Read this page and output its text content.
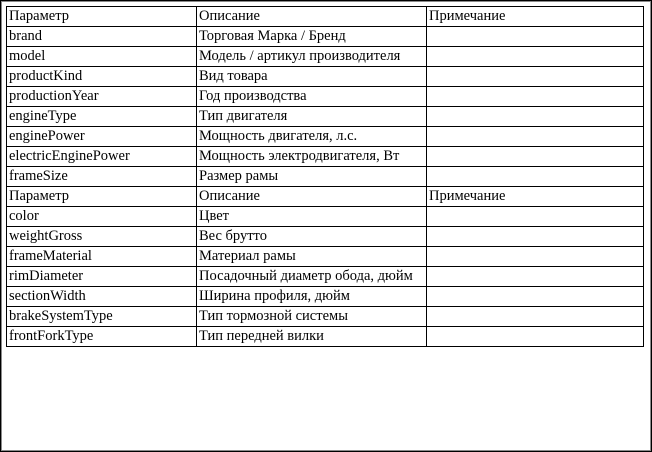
Параметр	Описание	Примечание
brand	Торговая Марка / Бренд	
model	Модель / артикул производителя	
productKind	Вид товара	
productionYear	Год производства	
engineType	Тип двигателя	
enginePower	Мощность двигателя, л.с.	
electricEnginePower	Мощность электродвигателя, Вт	
frameSize	Размер рамы	
Параметр	Описание	Примечание
color	Цвет	
weightGross	Вес брутто	
frameMaterial	Материал рамы	
rimDiameter	Посадочный диаметр обода, дюйм	
sectionWidth	Ширина профиля, дюйм	
brakeSystemType	Тип тормозной системы	
frontForkType	Тип передней вилки	
